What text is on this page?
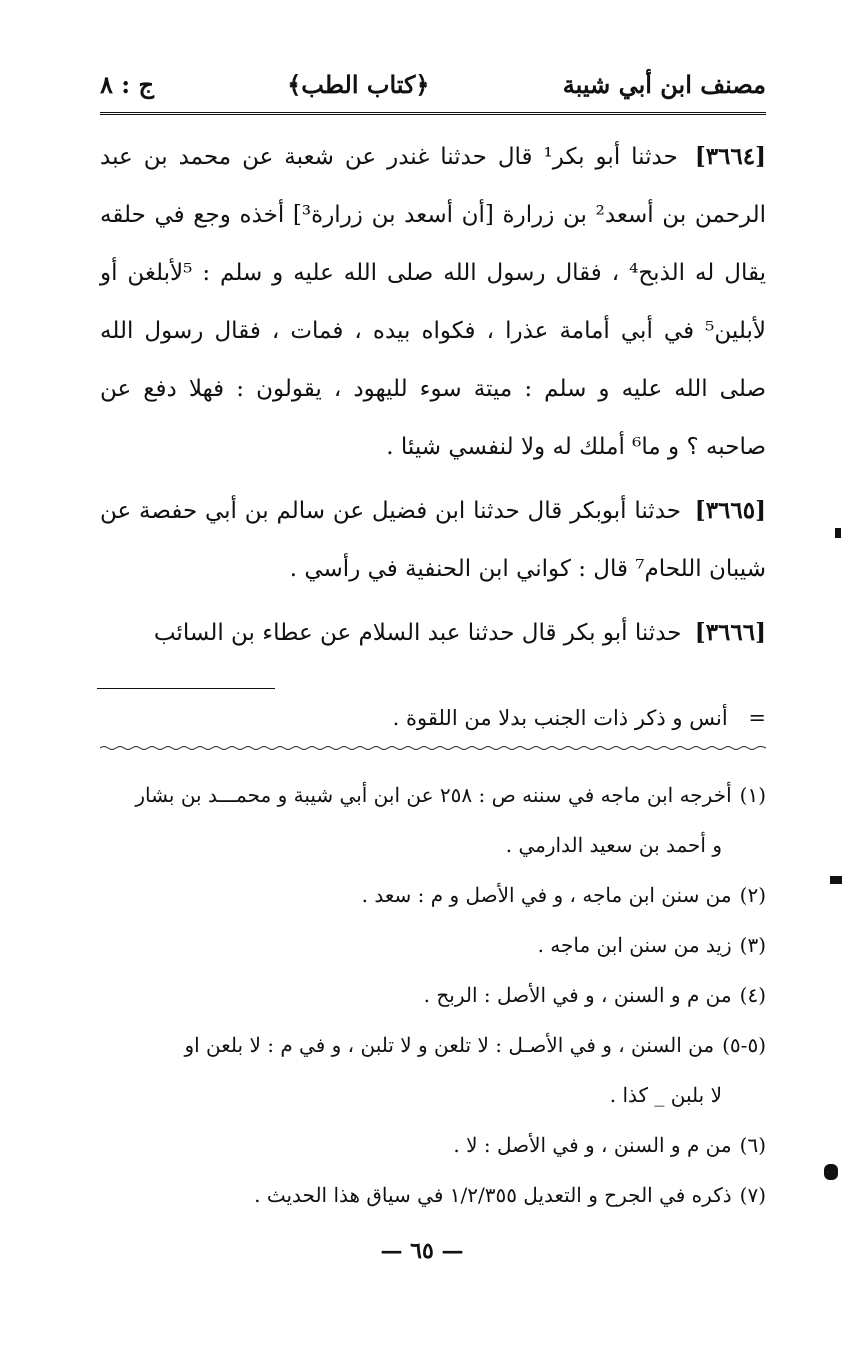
مصنف ابن أبي شيبة
﴿كتاب الطب﴾
ج : ٨

[٣٦٦٤] حدثنا أبو بكر¹ قال حدثنا غندر عن شعبة عن محمد بن عبد الرحمن بن أسعد² بن زرارة [أن أسعد بن زرارة³] أخذه وجع في حلقه يقال له الذبح⁴ ، فقال رسول الله صلى الله عليه و سلم : ⁵لأبلغن أو لأبلين⁵ في أبي أمامة عذرا ، فكواه بيده ، فمات ، فقال رسول الله صلى الله عليه و سلم : ميتة سوء لليهود ، يقولون : فهلا دفع عن صاحبه ؟ و ما⁶ أملك له ولا لنفسي شيئا .

[٣٦٦٥] حدثنا أبوبكر قال حدثنا ابن فضيل عن سالم بن أبي حفصة عن شيبان اللحام⁷ قال : كواني ابن الحنفية في رأسي .

[٣٦٦٦] حدثنا أبو بكر قال حدثنا عبد السلام عن عطاء بن السائب

= أنس و ذكر ذات الجنب بدلا من اللقوة .
(١)أخرجه ابن ماجه في سننه ص : ٢٥٨ عن ابن أبي شيبة و محمـــد بن بشار
و أحمد بن سعيد الدارمي .
(٢)من سنن ابن ماجه ، و في الأصل و م : سعد .
(٣)زيد من سنن ابن ماجه .
(٤)من م و السنن ، و في الأصل : الربح .
(٥-٥)من السنن ، و في الأصـل : لا تلعن و لا تلبن ، و في م : لا بلعن او
لا بلبن _ كذا .
(٦)من م و السنن ، و في الأصل : لا .
(٧)ذكره في الجرح و التعديل ١/٢/٣٥٥ في سياق هذا الحديث .
— ٦٥ —
